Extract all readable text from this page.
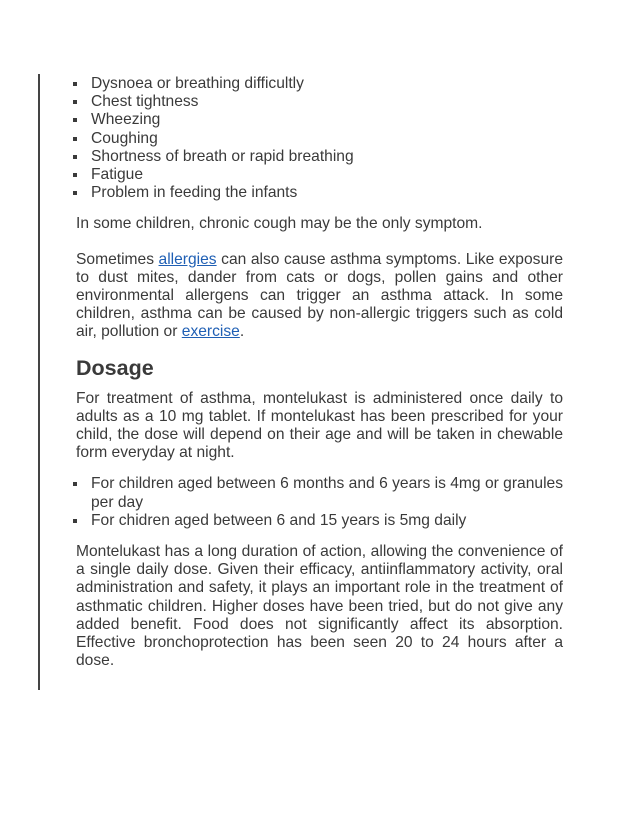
Dysnoea or breathing difficultly
Chest tightness
Wheezing
Coughing
Shortness of breath or rapid breathing
Fatigue
Problem in feeding the infants

In some children, chronic cough may be the only symptom.

Sometimes allergies can also cause asthma symptoms. Like exposure to dust mites, dander from cats or dogs, pollen gains and other environmental allergens can trigger an asthma attack. In some children, asthma can be caused by non-allergic triggers such as cold air, pollution or exercise.

Dosage

For treatment of asthma, montelukast is administered once daily to adults as a 10 mg tablet. If montelukast has been prescribed for your child, the dose will depend on their age and will be taken in chewable form everyday at night.

For children aged between 6 months and 6 years is 4mg or granules per day
For chidren aged between 6 and 15 years is 5mg daily

Montelukast has a long duration of action, allowing the convenience of a single daily dose. Given their efficacy, antiinflammatory activity, oral administration and safety, it plays an important role in the treatment of asthmatic children. Higher doses have been tried, but do not give any added benefit. Food does not significantly affect its absorption. Effective bronchoprotection has been seen 20 to 24 hours after a dose.
